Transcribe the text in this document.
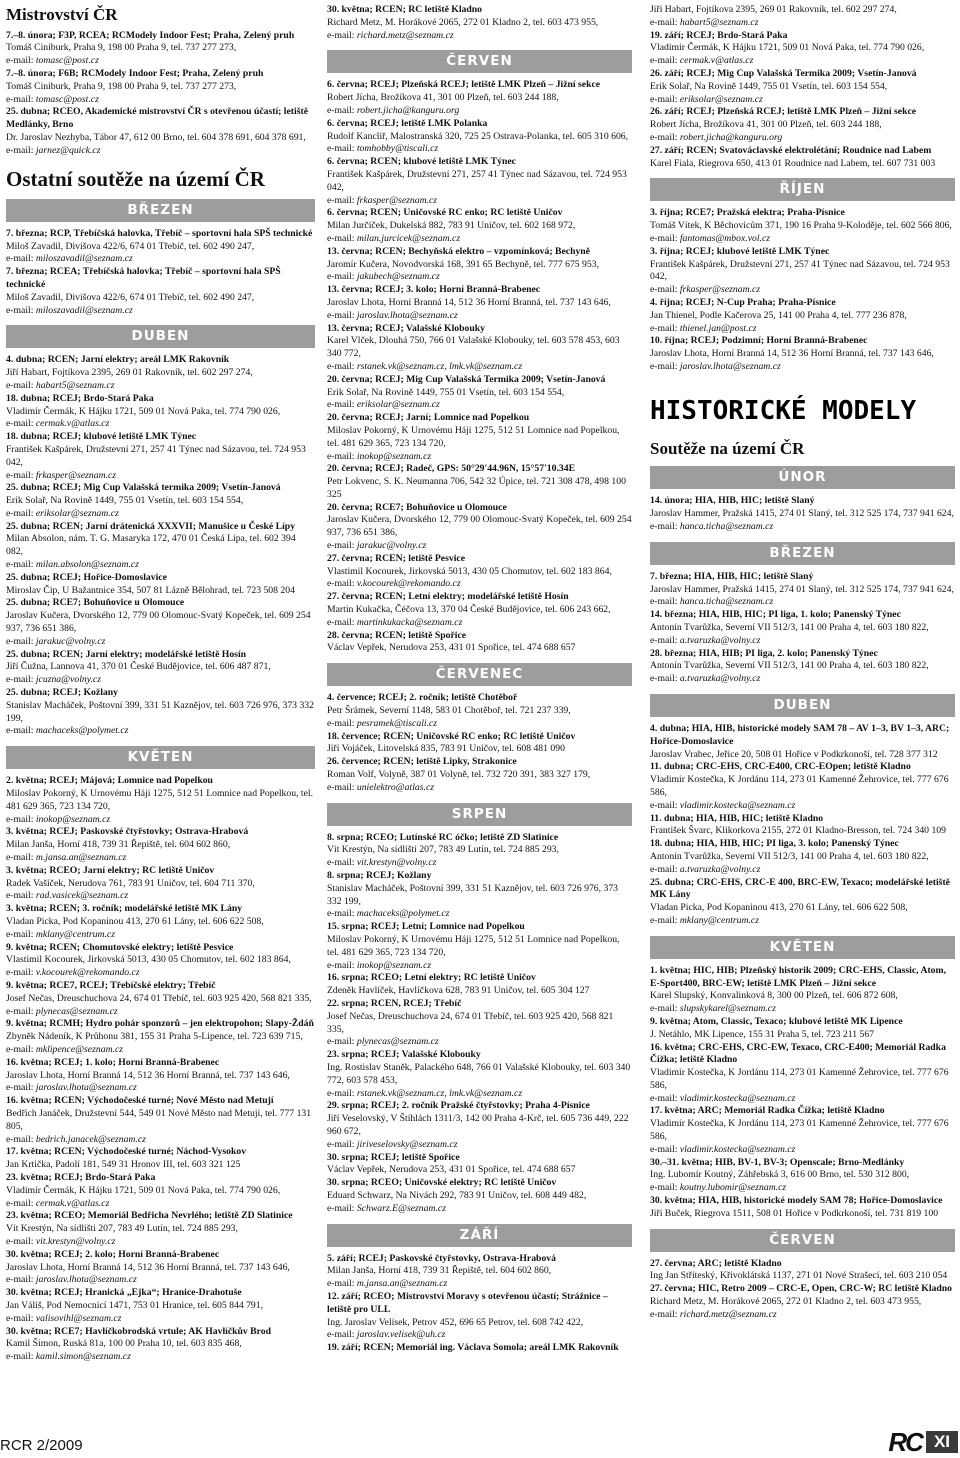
Mistrovství ČR
7.–8. února; F3P, RCEA; RCModely Indoor Fest; Praha, Zelený pruh
Tomáš Ciniburk, Praha 9, 198 00 Praha 9, tel. 737 277 273,
e-mail: tomasc@post.cz
7.–8. února; F6B; RCModely Indoor Fest; Praha, Zelený pruh
Tomáš Ciniburk, Praha 9, 198 00 Praha 9, tel. 737 277 273,
e-mail: tomasc@post.cz
25. dubna; RCEO, Akademické mistrovství ČR s otevřenou účastí; letiště Medlánky, Brno
Dr. Jaroslav Nezhyba, Tábor 47, 612 00 Brno, tel. 604 378 691, 604 378 691,
e-mail: jarnez@quick.cz
Ostatní soutěže na území ČR
BŘEZEN
7. března; RCP, Třebíčská halovka, Třebíč – sportovní hala SPŠ technické
Miloš Zavadil, Divišova 422/6, 674 01 Třebíč, tel. 602 490 247,
e-mail: miloszavadil@seznam.cz
7. března; RCEA; Třebíčská halovka; Třebíč – sportovní hala SPŠ technické
Miloš Zavadil, Divišova 422/6, 674 01 Třebíč, tel. 602 490 247,
e-mail: miloszavadil@seznam.cz
DUBEN
4. dubna; RCEN; Jarní elektry; areál LMK Rakovník
Jiří Habart, Fojtíkova 2395, 269 01 Rakovník, tel. 602 297 274,
e-mail: habart5@seznam.cz
18. dubna; RCEJ; Brdo-Stará Paka
Vladimír Čermák, K Hájku 1721, 509 01 Nová Paka, tel. 774 790 026,
e-mail: cermak.v@atlas.cz
18. dubna; RCEJ; klubové letiště LMK Týnec
František Kašpárek, Družstevní 271, 257 41 Týnec nad Sázavou, tel. 724 953 042,
e-mail: frkasper@seznam.cz
25. dubna; RCEJ; Mig Cup Valašská termika 2009; Vsetín-Janová
Erik Solař, Na Rovině 1449, 755 01 Vsetín, tel. 603 154 554,
e-mail: eriksolar@seznam.cz
25. dubna; RCEN; Jarní drátenická XXXVII; Manušice u České Lípy
Milan Absolon, nám. T. G. Masaryka 172, 470 01 Česká Lípa, tel. 602 394 082,
e-mail: milan.absolon@seznam.cz
25. dubna; RCEJ; Hořice-Domoslavice
Miroslav Čip, U Bažantnice 354, 507 81 Lázně Bělohrad, tel. 723 508 204
25. dubna; RCE7; Bohuňovice u Olomouce
Jaroslav Kučera, Dvorského 12, 779 00 Olomouc-Svatý Kopeček, tel. 609 254 937, 736 651 386,
e-mail: jarakuc@volny.cz
25. dubna; RCEN; Jarní elektry; modelářské letiště Hosín
Jiří Čužna, Lannova 41, 370 01 České Budějovice, tel. 606 487 871,
e-mail: jcuzna@volny.cz
25. dubna; RCEJ; Kožlany
Stanislav Macháček, Poštovní 399, 331 51 Kaznějov, tel. 603 726 976, 373 332 199,
e-mail: machaceks@polymet.cz
KVĚTEN
2. května; RCEJ; Májová; Lomnice nad Popelkou
Miloslav Pokorný, K Urnovému Háji 1275, 512 51 Lomnice nad Popelkou, tel. 481 629 365, 723 134 720,
e-mail: inokop@seznam.cz
3. května; RCEJ; Paskovské čtyřstovky; Ostrava-Hrabová
Milan Janša, Horní 418, 739 31 Řepiště, tel. 604 602 860,
e-mail: m.jansa.an@seznam.cz
3. května; RCEO; Jarní elektry; RC letiště Uničov
Radek Vašíček, Nerudova 761, 783 91 Uničov, tel. 604 711 370,
e-mail: rad.vasicek@seznam.cz
3. května; RCEN; 3. ročník; modelářské letiště MK Lány
Vladan Picka, Pod Kopaninou 413, 270 61 Lány, tel. 606 622 508,
e-mail: mklany@centrum.cz
9. května; RCEN; Chomutovské elektry; letiště Pesvice
Vlastimil Kocourek, Jirkovská 5013, 430 05 Chomutov, tel. 602 183 864,
e-mail: v.kocourek@rekomando.cz
9. května; RCE7, RCEJ; Třebíčské elektry; Třebíč
Josef Nečas, Dreuschuchova 24, 674 01 Třebíč, tel. 603 925 420, 568 821 335,
e-mail: plynecas@seznam.cz
9. května; RCMH; Hydro pohár sponzorů – jen elektropohon; Slapy-Ždáň
Zbyněk Nádeník, K Průhonu 381, 155 31 Praha 5-Lipence, tel. 723 639 715,
e-mail: mklipence@seznam.cz
16. května; RCEJ; 1. kolo; Horní Branná-Brabenec
Jaroslav Lhota, Horní Branná 14, 512 36 Horní Branná, tel. 737 143 646,
e-mail: jaroslav.lhota@seznam.cz
16. května; RCEN; Východočeské turné; Nové Město nad Metují
Bedřich Janáček, Družstevní 544, 549 01 Nové Město nad Metují, tel. 777 131 805,
e-mail: bedrich.janacek@seznam.cz
17. května; RCEN; Východočeské turné; Náchod-Vysokov
Jan Krtička, Padolí 181, 549 31 Hronov III, tel. 603 321 125
23. května; RCEJ; Brdo-Stará Paka
Vladimír Čermák, K Hájku 1721, 509 01 Nová Paka, tel. 774 790 026,
e-mail: cermak.v@atlas.cz
23. května; RCEO; Memoriál Bedřicha Nevrlého; letiště ZD Slatinice
Vít Krestýn, Na sídlišti 207, 783 49 Lutín, tel. 724 885 293,
e-mail: vit.krestyn@volny.cz
30. května; RCEJ; 2. kolo; Horní Branná-Brabenec
Jaroslav Lhota, Horní Branná 14, 512 36 Horní Branná, tel. 737 143 646,
e-mail: jaroslav.lhota@seznam.cz
30. května; RCEJ; Hranická „Ejka“; Hranice-Drahotuše
Jan Váliš, Pod Nemocnicí 1471, 753 01 Hranice, tel. 605 844 791,
e-mail: valisovihl@seznam.cz
30. května; RCE7; Havlíčkobrodská vrtule; AK Havlíčkův Brod
Kamil Šimon, Ruská 81a, 100 00 Praha 10, tel. 603 835 468,
e-mail: kamil.simon@seznam.cz
30. května; RCEN; RC letiště Kladno
Richard Metz, M. Horákové 2065, 272 01 Kladno 2, tel. 603 473 955,
e-mail: richard.metz@seznam.cz
ČERVEN
6. června; RCEJ; Plzeňská RCEJ; letiště LMK Plzeň – Jižní sekce
Robert Jícha, Brožíkova 41, 301 00 Plzeň, tel. 603 244 188,
e-mail: robert.jicha@kanguru.org
6. června; RCEJ; letiště LMK Polanka
Rudolf Kancliř, Malostranská 320, 725 25 Ostrava-Polanka, tel. 605 310 606,
e-mail: tomhobby@tiscali.cz
6. června; RCEN; klubové letiště LMK Týnec
František Kašpárek, Družstevní 271, 257 41 Týnec nad Sázavou, tel. 724 953 042,
e-mail: frkasper@seznam.cz
6. června; RCEN; Uničovské RC enko; RC letiště Uničov
Milan Jurčíček, Dukelská 882, 783 91 Uničov, tel. 602 168 972,
e-mail: milan.jurcicek@seznam.cz
13. června; RCEN; Bechyňská elektro – vzpomínková; Bechyně
Jaromír Kučera, Novodvorská 168, 391 65 Bechyně, tel. 777 675 953,
e-mail: jakubech@seznam.cz
13. června; RCEJ; 3. kolo; Horní Branná-Brabenec
Jaroslav Lhota, Horní Branná 14, 512 36 Horní Branná, tel. 737 143 646,
e-mail: jaroslav.lhota@seznam.cz
13. června; RCEJ; Valašské Klobouky
Karel Vlček, Dlouhá 750, 766 01 Valašské Klobouky, tel. 603 578 453, 603 340 772,
e-mail: rstanek.vk@seznam.cz, lmk.vk@seznam.cz
20. června; RCEJ; Mig Cup Valašská Termika 2009; Vsetín-Janová
Erik Solař, Na Rovině 1449, 755 01 Vsetín, tel. 603 154 554,
e-mail: eriksolar@seznam.cz
20. června; RCEJ; Jarní; Lomnice nad Popelkou
Miloslav Pokorný, K Urnovému Háji 1275, 512 51 Lomnice nad Popelkou, tel. 481 629 365, 723 134 720,
e-mail: inokop@seznam.cz
20. června; RCEJ; Radeč, GPS: 50°29'44.96N, 15°57'10.34E
Petr Lokvenc, S. K. Neumanna 706, 542 32 Úpice, tel. 721 308 478, 498 100 325
20. června; RCE7; Bohuňovice u Olomouce
Jaroslav Kučera, Dvorského 12, 779 00 Olomouc-Svatý Kopeček, tel. 609 254 937, 736 651 386,
e-mail: jarakuc@volny.cz
27. června; RCEN; letiště Pesvice
Vlastimil Kocourek, Jirkovská 5013, 430 05 Chomutov, tel. 602 183 864,
e-mail: v.kocourek@rekomando.cz
27. června; RCEN; Letní elektry; modelářské letiště Hosín
Martin Kukačka, Čéčova 13, 370 04 České Budějovice, tel. 606 243 662,
e-mail: martinkukacka@seznam.cz
28. června; RCEN; letiště Spořice
Václav Vepřek, Nerudova 253, 431 01 Spořice, tel. 474 688 657
ČERVENEC
4. července; RCEJ; 2. ročník; letiště Chotěboř
Petr Šrámek, Severní 1148, 583 01 Chotěboř, tel. 721 237 339,
e-mail: pesramek@tiscali.cz
18. července; RCEN; Uničovské RC enko; RC letiště Uničov
Jiří Vojáček, Litovelská 835, 783 91 Uničov, tel. 608 481 090
26. července; RCEN; letiště Lipky, Strakonice
Roman Volf, Volyně, 387 01 Volyně, tel. 732 720 391, 383 327 179,
e-mail: unielektro@atlas.cz
SRPEN
8. srpna; RCEO; Lutínské RC óčko; letiště ZD Slatinice
Vít Krestýn, Na sídlišti 207, 783 49 Lutín, tel. 724 885 293,
e-mail: vit.krestyn@volny.cz
8. srpna; RCEJ; Kožlany
Stanislav Macháček, Poštovní 399, 331 51 Kaznějov, tel. 603 726 976, 373 332 199,
e-mail: machaceks@polymet.cz
15. srpna; RCEJ; Letní; Lomnice nad Popelkou
Miloslav Pokorný, K Urnovému Háji 1275, 512 51 Lomnice nad Popelkou, tel. 481 629 365, 723 134 720,
e-mail: inokop@seznam.cz
16. srpna; RCEO; Letní elektry; RC letiště Uničov
Zdeněk Havlíček, Havlíčkova 628, 783 91 Uničov, tel. 605 304 127
22. srpna; RCEN, RCEJ; Třebíč
Josef Nečas, Dreuschuchova 24, 674 01 Třebíč, tel. 603 925 420, 568 821 335,
e-mail: plynecas@seznam.cz
23. srpna; RCEJ; Valašské Klobouky
Ing. Rostislav Staněk, Palackého 648, 766 01 Valašské Klobouky, tel. 603 340 772, 603 578 453,
e-mail: rstanek.vk@seznam.cz, lmk.vk@seznam.cz
29. srpna; RCEJ; 2. ročník Pražské čtyřstovky; Praha 4-Písnice
Jiří Veselovský, V Štíhlách 1311/3, 142 00 Praha 4-Krč, tel. 605 736 449, 222 960 672,
e-mail: jiriveselovsky@seznam.cz
30. srpna; RCEJ; letiště Spořice
Václav Vepřek, Nerudova 253, 431 01 Spořice, tel. 474 688 657
30. srpna; RCEO; Uničovské elektry; RC letiště Uničov
Eduard Schwarz, Na Nivách 292, 783 91 Uničov, tel. 608 449 482,
e-mail: Schwarz.E@seznam.cz
ZÁŘÍ
5. září; RCEJ; Paskovské čtyřstovky, Ostrava-Hrabová
Milan Janša, Horní 418, 739 31 Řepiště, tel. 604 602 860,
e-mail: m.jansa.an@seznam.cz
12. září; RCEO; Mistrovství Moravy s otevřenou účastí; Strážnice – letiště pro ULL
Ing. Jaroslav Velísek, Petrov 452, 696 65 Petrov, tel. 608 742 422,
e-mail: jaroslav.velisek@uh.cz
19. září; RCEN; Memoriál ing. Václava Somola; areál LMK Rakovník
Jiří Habart, Fojtíkova 2395, 269 01 Rakovník, tel. 602 297 274,
e-mail: habart5@seznam.cz
19. září; RCEJ; Brdo-Stará Paka
Vladimír Čermák, K Hájku 1721, 509 01 Nová Paka, tel. 774 790 026,
e-mail: cermak.v@atlas.cz
26. září; RCEJ; Mig Cup Valašská Termika 2009; Vsetín-Janová
Erik Solař, Na Rovině 1449, 755 01 Vsetín, tel. 603 154 554,
e-mail: eriksolar@seznam.cz
26. září; RCEJ; Plzeňská RCEJ; letiště LMK Plzeň – Jižní sekce
Robert Jícha, Brožíkova 41, 301 00 Plzeň, tel. 603 244 188,
e-mail: robert.jicha@kanguru.org
27. září; RCEN; Svatováclavské elektrolétání; Roudnice nad Labem
Karel Fiala, Riegrova 650, 413 01 Roudnice nad Labem, tel. 607 731 003
ŘÍJEN
3. října; RCE7; Pražská elektra; Praha-Písnice
Tomáš Vítek, K Běchovicům 371, 190 16 Praha 9-Koloděje, tel. 602 566 806,
e-mail: fantomas@mbox.vol.cz
3. října; RCEJ; klubové letiště LMK Týnec
František Kašpárek, Družstevní 271, 257 41 Týnec nad Sázavou, tel. 724 953 042,
e-mail: frkasper@seznam.cz
4. října; RCEJ; N-Cup Praha; Praha-Písnice
Jan Thienel, Podle Kačerova 25, 141 00 Praha 4, tel. 777 236 878,
e-mail: thienel.jan@post.cz
10. října; RCEJ; Podzimní; Horní Branná-Brabenec
Jaroslav Lhota, Horní Branná 14, 512 36 Horní Branná, tel. 737 143 646,
e-mail: jaroslav.lhota@seznam.cz
HISTORICKÉ MODELY
Soutěže na území ČR
ÚNOR
14. února; HIA, HIB, HIC; letiště Slaný
Jaroslav Hammer, Pražská 1415, 274 01 Slaný, tel. 312 525 174, 737 941 624,
e-mail: hanca.ticha@seznam.cz
BŘEZEN
7. března; HIA, HIB, HIC; letiště Slaný
Jaroslav Hammer, Pražská 1415, 274 01 Slaný, tel. 312 525 174, 737 941 624,
e-mail: hanca.ticha@seznam.cz
14. března; HIA, HIB, HIC; PI liga, 1. kolo; Panenský Týnec
Antonín Tvarůžka, Severní VII 512/3, 141 00 Praha 4, tel. 603 180 822,
e-mail: a.tvaruzka@volny.cz
28. března; HIA, HIB; PI liga, 2. kolo; Panenský Týnec
Antonín Tvarůžka, Severní VII 512/3, 141 00 Praha 4, tel. 603 180 822,
e-mail: a.tvaruzka@volny.cz
DUBEN
4. dubna; HIA, HIB, historické modely SAM 78 – AV 1–3, BV 1–3, ARC; Hořice-Domoslavice
Jaroslav Vrabec, Jeřice 20, 508 01 Hořice v Podkrkonoší, tel. 728 377 312
11. dubna; CRC-EHS, CRC-E400, CRC-EOpen; letiště Kladno
Vladimír Kostečka, K Jordánu 114, 273 01 Kamenné Žehrovice, tel. 777 676 586,
e-mail: vladimir.kostecka@seznam.cz
11. dubna; HIA, HIB, HIC; letiště Kladno
František Švarc, Klikorkova 2155, 272 01 Kladno-Bresson, tel. 724 340 109
18. dubna; HIA, HIB, HIC; PI liga, 3. kolo; Panenský Týnec
Antonín Tvarůžka, Severní VII 512/3, 141 00 Praha 4, tel. 603 180 822,
e-mail: a.tvaruzka@volny.cz
25. dubna; CRC-EHS, CRC-E 400, BRC-EW, Texaco; modelářské letiště MK Lány
Vladan Picka, Pod Kopaninou 413, 270 61 Lány, tel. 606 622 508,
e-mail: mklany@centrum.cz
KVĚTEN
1. května; HIC, HIB; Plzeňský historik 2009; CRC-EHS, Classic, Atom, E-Sport400, BRC-EW; letiště LMK Plzeň – Jižní sekce
Karel Slupský, Konvalinková 8, 300 00 Plzeň, tel. 606 872 608,
e-mail: slupskykarel@seznam.cz
9. května; Atom, Classic, Texaco; klubové letiště MK Lipence
J. Netáhlo, MK Lipence, 155 31 Praha 5, tel. 723 211 567
16. května; CRC-EHS, CRC-EW, Texaco, CRC-E400; Memoriál Radka Čížka; letiště Kladno
Vladimír Kostečka, K Jordánu 114, 273 01 Kamenné Žehrovice, tel. 777 676 586,
e-mail: vladimir.kostecka@seznam.cz
17. května; ARC; Memoriál Radka Čížka; letiště Kladno
Vladimír Kostečka, K Jordánu 114, 273 01 Kamenné Žehrovice, tel. 777 676 586,
e-mail: vladimir.kostecka@seznam.cz
30.–31. května; HIB, BV-1, BV-3; Openscale; Brno-Medlánky
Ing. Lubomír Koutný, Záhřebská 3, 616 00 Brno, tel. 530 312 800,
e-mail: koutny.lubomir@seznam.cz
30. května; HIA, HIB, historické modely SAM 78; Hořice-Domoslavice
Jiří Buček, Riegrova 1511, 508 01 Hořice v Podkrkonoší, tel. 731 819 100
ČERVEN
27. června; ARC; letiště Kladno
Ing Jan Stříteský, Křivoklátská 1137, 271 01 Nové Strašecí, tel. 603 210 054
27. června; HIC, Retro 2009 – CRC-E, Open, CRC-W; RC letiště Kladno
Richard Metz, M. Horákové 2065, 272 01 Kladno 2, tel. 603 473 955,
e-mail: richard.metz@seznam.cz
RCR 2/2009	RC XI
